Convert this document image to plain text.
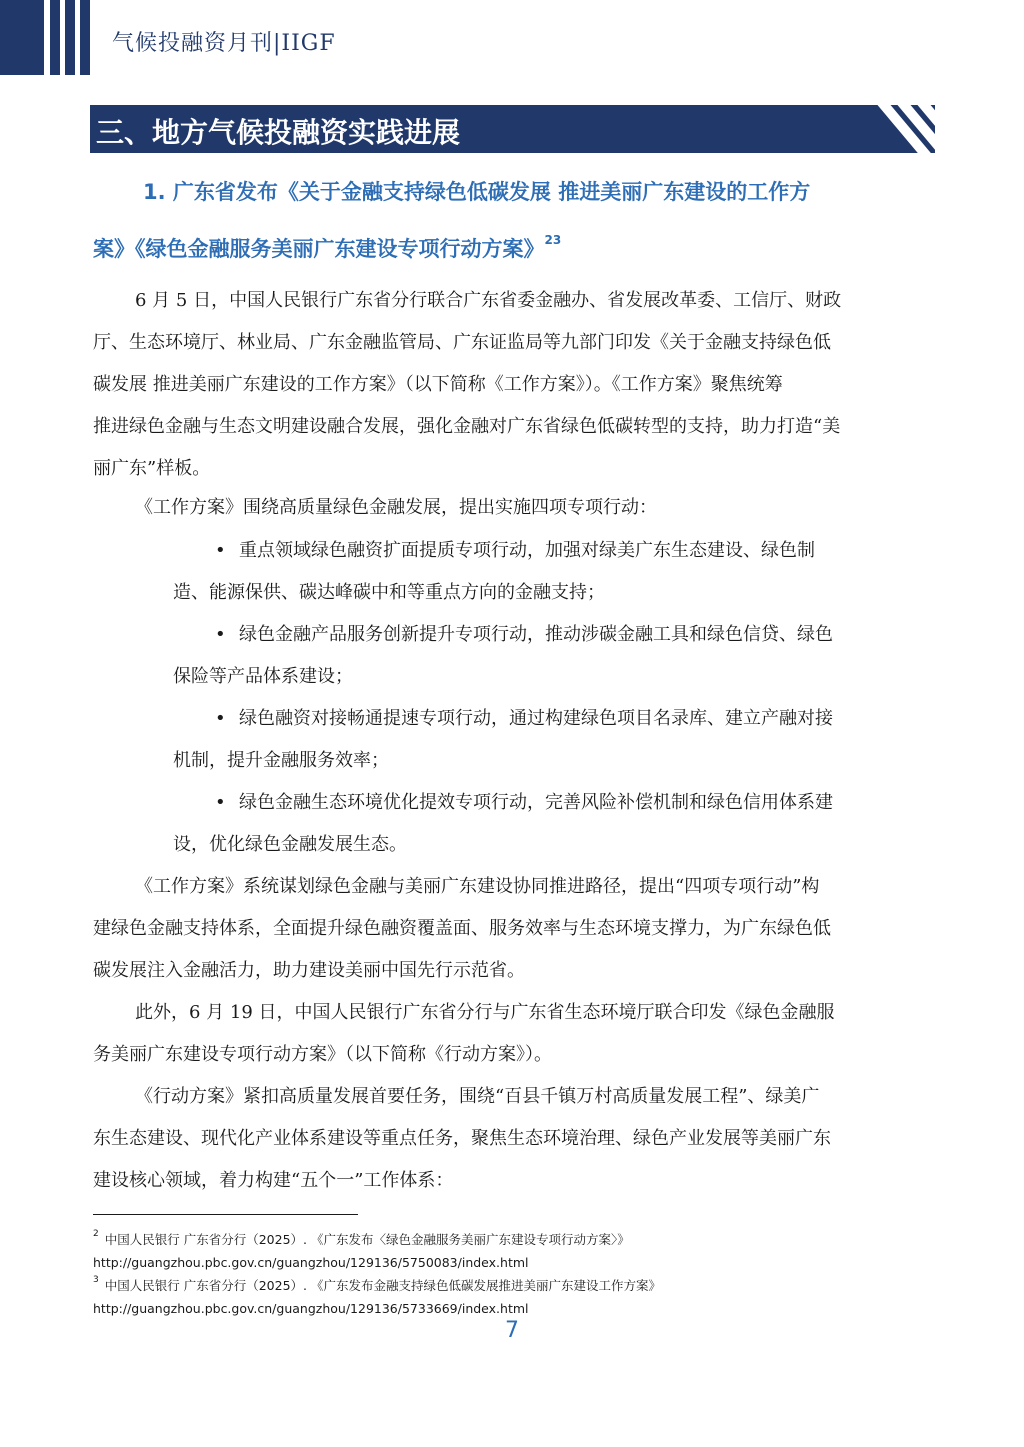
气候投融资月刊|IIGF
三、地方气候投融资实践进展
1. 广东省发布《关于金融支持绿色低碳发展 推进美丽广东建设的工作方
案》《绿色金融服务美丽广东建设专项行动方案》$^{23}$
6 月 5 日，中国人民银行广东省分行联合广东省委金融办、省发展改革委、工信厅、财政
厅、生态环境厅、林业局、广东金融监管局、广东证监局等九部门印发《关于金融支持绿色低
碳发展 推进美丽广东建设的工作方案》（以下简称《工作方案》）。《工作方案》聚焦统筹
推进绿色金融与生态文明建设融合发展，强化金融对广东省绿色低碳转型的支持，助力打造“美
丽广东”样板。
《工作方案》围绕高质量绿色金融发展，提出实施四项专项行动：
• 重点领域绿色融资扩面提质专项行动，加强对绿美广东生态建设、绿色制
造、能源保供、碳达峰碳中和等重点方向的金融支持；
• 绿色金融产品服务创新提升专项行动，推动涉碳金融工具和绿色信贷、绿色
保险等产品体系建设；
• 绿色融资对接畅通提速专项行动，通过构建绿色项目名录库、建立产融对接
机制，提升金融服务效率；
• 绿色金融生态环境优化提效专项行动，完善风险补偿机制和绿色信用体系建
设，优化绿色金融发展生态。
《工作方案》系统谋划绿色金融与美丽广东建设协同推进路径，提出“四项专项行动”构
建绿色金融支持体系，全面提升绿色融资覆盖面、服务效率与生态环境支撑力，为广东绿色低
碳发展注入金融活力，助力建设美丽中国先行示范省。
此外，6 月 19 日，中国人民银行广东省分行与广东省生态环境厅联合印发《绿色金融服
务美丽广东建设专项行动方案》（以下简称《行动方案》）。
《行动方案》紧扣高质量发展首要任务，围绕“百县千镇万村高质量发展工程”、绿美广
东生态建设、现代化产业体系建设等重点任务，聚焦生态环境治理、绿色产业发展等美丽广东
建设核心领域，着力构建“五个一”工作体系：
$^2$ 中国人民银行 广东省分行（2025）. 《广东发布〈绿色金融服务美丽广东建设专项行动方案〉》
http://guangzhou.pbc.gov.cn/guangzhou/129136/5750083/index.html
$^3$ 中国人民银行 广东省分行（2025）. 《广东发布金融支持绿色低碳发展推进美丽广东建设工作方案》
http://guangzhou.pbc.gov.cn/guangzhou/129136/5733669/index.html
7
